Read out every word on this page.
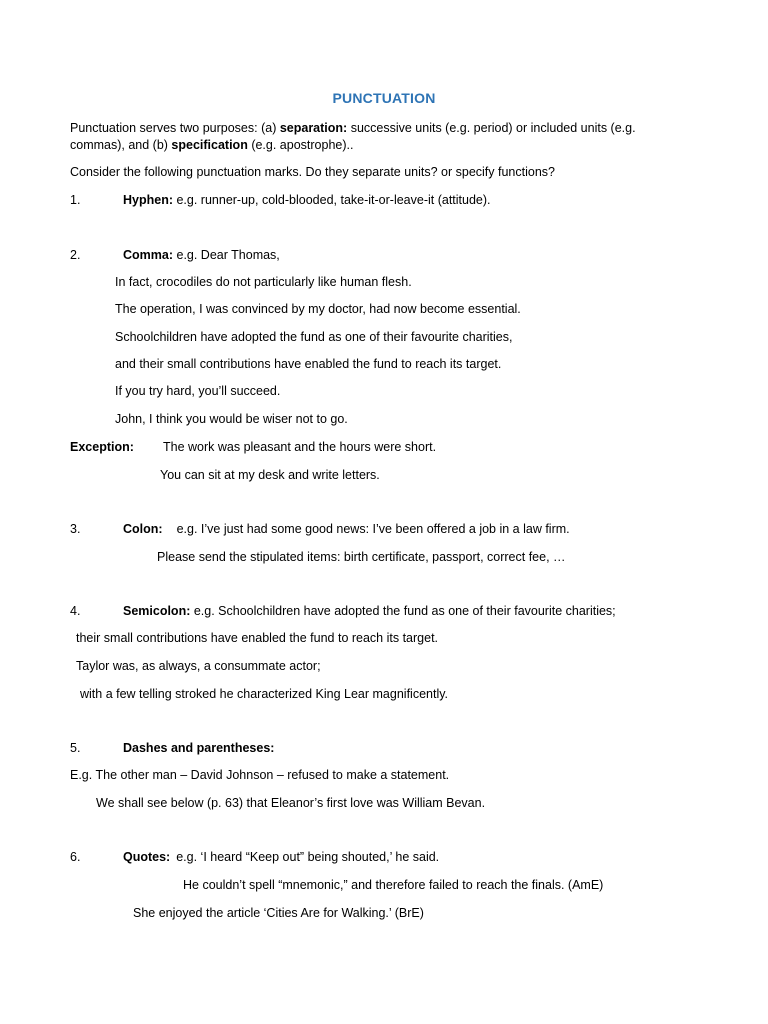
PUNCTUATION
Punctuation serves two purposes: (a) separation: successive units (e.g. period) or included units (e.g.
commas), and (b) specification (e.g. apostrophe)..
Consider the following punctuation marks. Do they separate units? or specify functions?
1.	Hyphen: e.g. runner-up, cold-blooded, take-it-or-leave-it (attitude).
2.	Comma: e.g. Dear Thomas,
In fact, crocodiles do not particularly like human flesh.
The operation, I was convinced by my doctor, had now become essential.
Schoolchildren have adopted the fund as one of their favourite charities,
and their small contributions have enabled the fund to reach its target.
If you try hard, you’ll succeed.
John, I think you would be wiser not to go.
Exception: The work was pleasant and the hours were short.
You can sit at my desk and write letters.
3.	Colon: e.g. I’ve just had some good news: I’ve been offered a job in a law firm.
Please send the stipulated items: birth certificate, passport, correct fee, …
4.	Semicolon: e.g. Schoolchildren have adopted the fund as one of their favourite charities;
their small contributions have enabled the fund to reach its target.
Taylor was, as always, a consummate actor;
with a few telling stroked he characterized King Lear magnificently.
5.	Dashes and parentheses:
E.g. The other man – David Johnson – refused to make a statement.
We shall see below (p. 63) that Eleanor’s first love was William Bevan.
6.	Quotes: e.g. ‘I heard “Keep out” being shouted,’ he said.
He couldn’t spell “mnemonic,” and therefore failed to reach the finals. (AmE)
She enjoyed the article ‘Cities Are for Walking.’ (BrE)
